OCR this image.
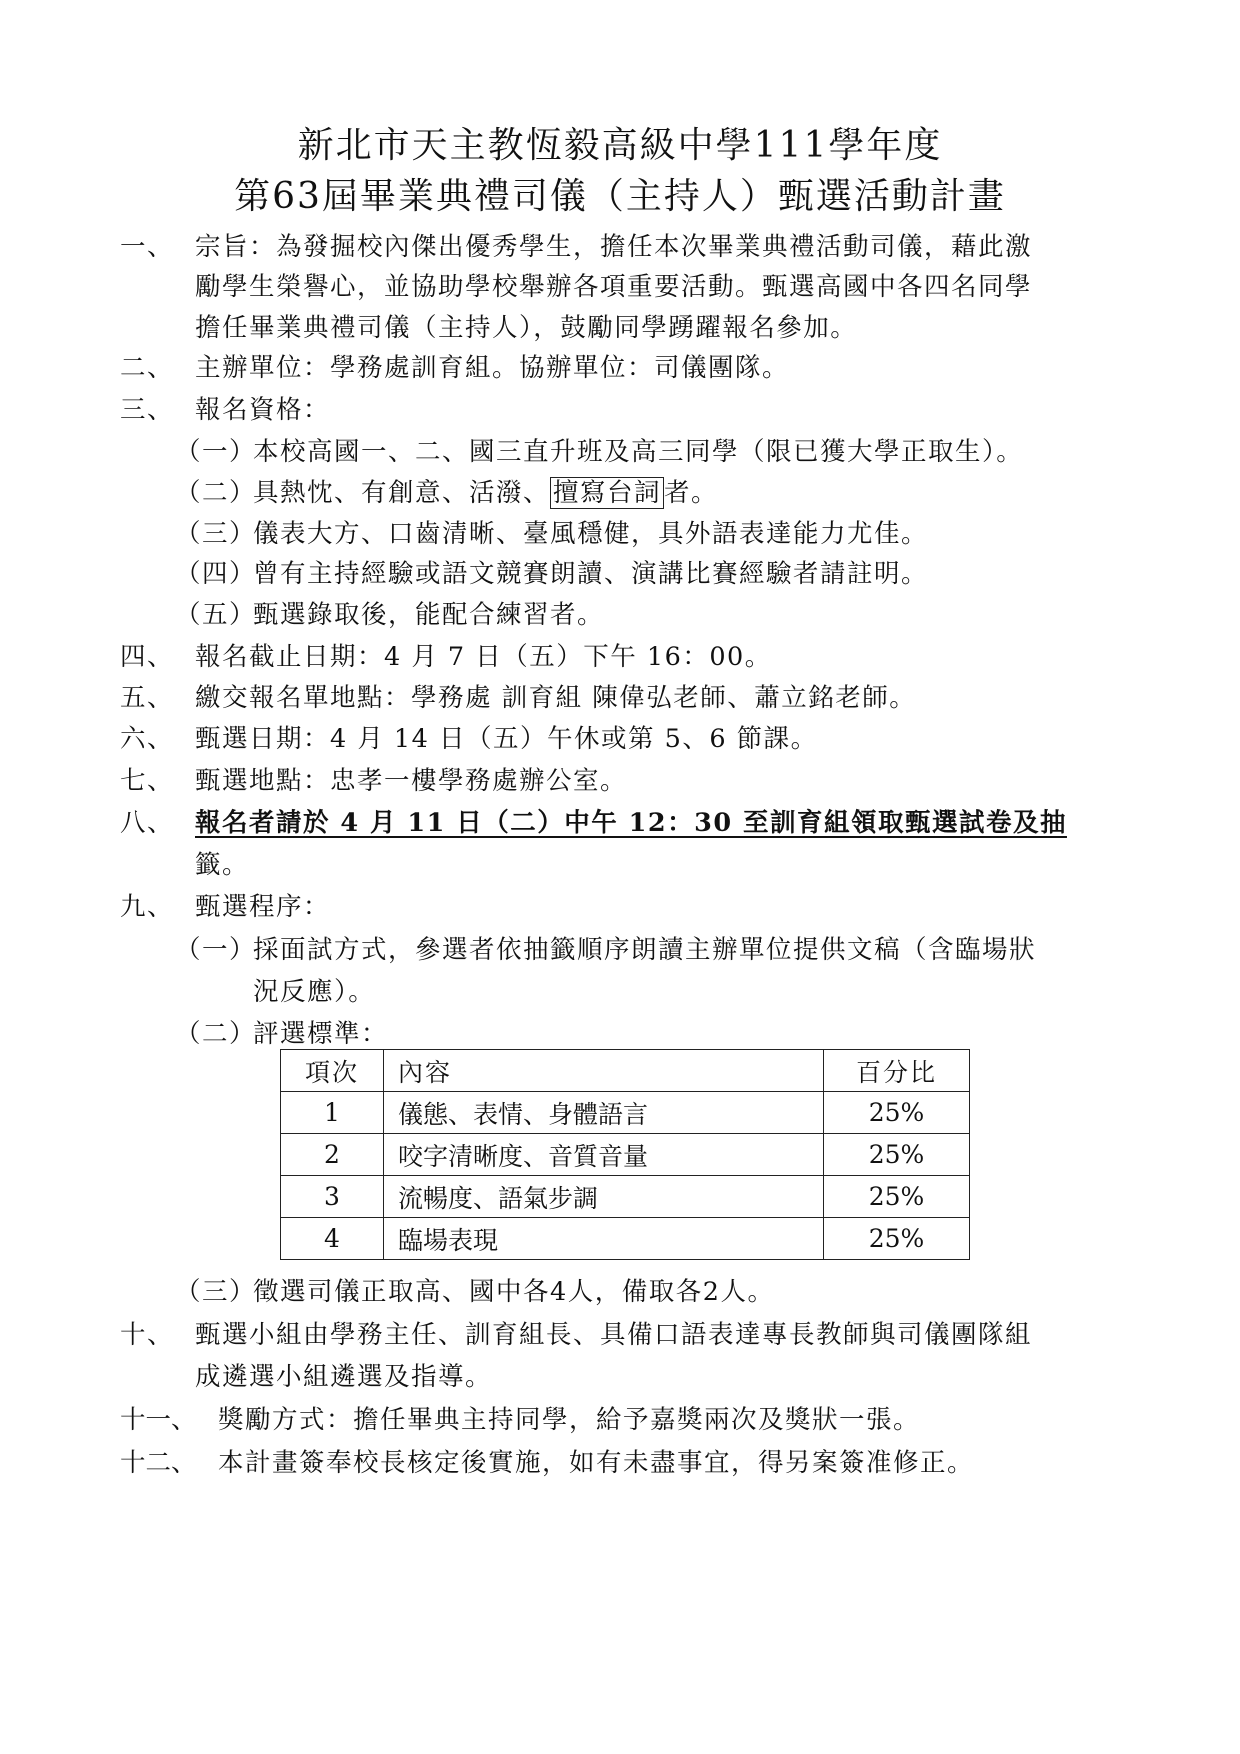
新北市天主教恆毅高級中學111學年度
第63屆畢業典禮司儀（主持人）甄選活動計畫
一、 宗旨：為發掘校內傑出優秀學生，擔任本次畢業典禮活動司儀，藉此激
勵學生榮譽心，並協助學校舉辦各項重要活動。甄選高國中各四名同學
擔任畢業典禮司儀（主持人），鼓勵同學踴躍報名參加。
二、 主辦單位：學務處訓育組。協辦單位：司儀團隊。
三、 報名資格：
（一）
本校高國一、二、國三直升班及高三同學（限已獲大學正取生）。
（二）
具熱忱、有創意、活潑、 擅寫台詞 者。
（三）
儀表大方、口齒清晰、臺風穩健，具外語表達能力尤佳。
（四）
曾有主持經驗或語文競賽朗讀、演講比賽經驗者請註明。
（五）
甄選錄取後，能配合練習者。
四、 報名截止日期：4 月 7 日（五）下午 16：00。
五、 繳交報名單地點：學務處 訓育組 陳偉弘老師、蕭立銘老師。
六、 甄選日期：4 月 14 日（五）午休或第 5、6 節課。
七、 甄選地點：忠孝一樓學務處辦公室。
八、 報名者請於 4 月 11 日（二）中午 12：30 至訓育組領取甄選試卷及抽
籤。
九、 甄選程序：
（一）
採面試方式，參選者依抽籤順序朗讀主辦單位提供文稿（含臨場狀
況反應）。
（二）
評選標準：
項次	內容	百分比
1	儀態、表情、身體語言	25%
2	咬字清晰度、音質音量	25%
3	流暢度、語氣步調	25%
4	臨場表現	25%
（三）
徵選司儀正取高、國中各4人，備取各2人。
十、 甄選小組由學務主任、訓育組長、具備口語表達專長教師與司儀團隊組
成遴選小組遴選及指導。
十一、 獎勵方式：擔任畢典主持同學，給予嘉獎兩次及獎狀一張。
十二、 本計畫簽奉校長核定後實施，如有未盡事宜，得另案簽准修正。
